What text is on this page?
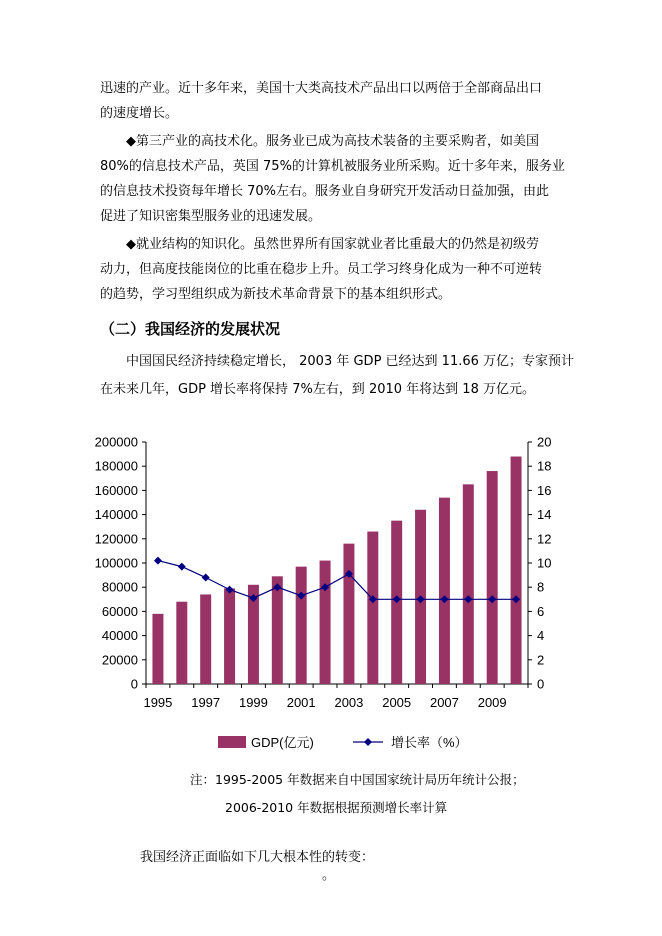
迅速的产业。近十多年来，美国十大类高技术产品出口以两倍于全部商品出口
的速度增长。
◆第三产业的高技术化。服务业已成为高技术装备的主要采购者，如美国
80%的信息技术产品，英国 75%的计算机被服务业所采购。近十多年来，服务业
的信息技术投资每年增长 70%左右。服务业自身研究开发活动日益加强，由此
促进了知识密集型服务业的迅速发展。
◆就业结构的知识化。虽然世界所有国家就业者比重最大的仍然是初级劳
动力，但高度技能岗位的比重在稳步上升。员工学习终身化成为一种不可逆转
的趋势，学习型组织成为新技术革命背景下的基本组织形式。
（二）我国经济的发展状况
中国国民经济持续稳定增长， 2003 年 GDP 已经达到 11.66 万亿；专家预计
在未来几年，GDP 增长率将保持 7%左右，到 2010 年将达到 18 万亿元。
0
20000
40000
60000
80000
100000
120000
140000
160000
180000
200000
0
2
4
6
8
10
12
14
16
18
20
1995 1997 1999 2001 2003 2005 2007 2009
GDP(亿元)	增长率（%）
注：1995-2005 年数据来自中国国家统计局历年统计公报；
2006-2010 年数据根据预测增长率计算
我国经济正面临如下几大根本性的转变：
。
